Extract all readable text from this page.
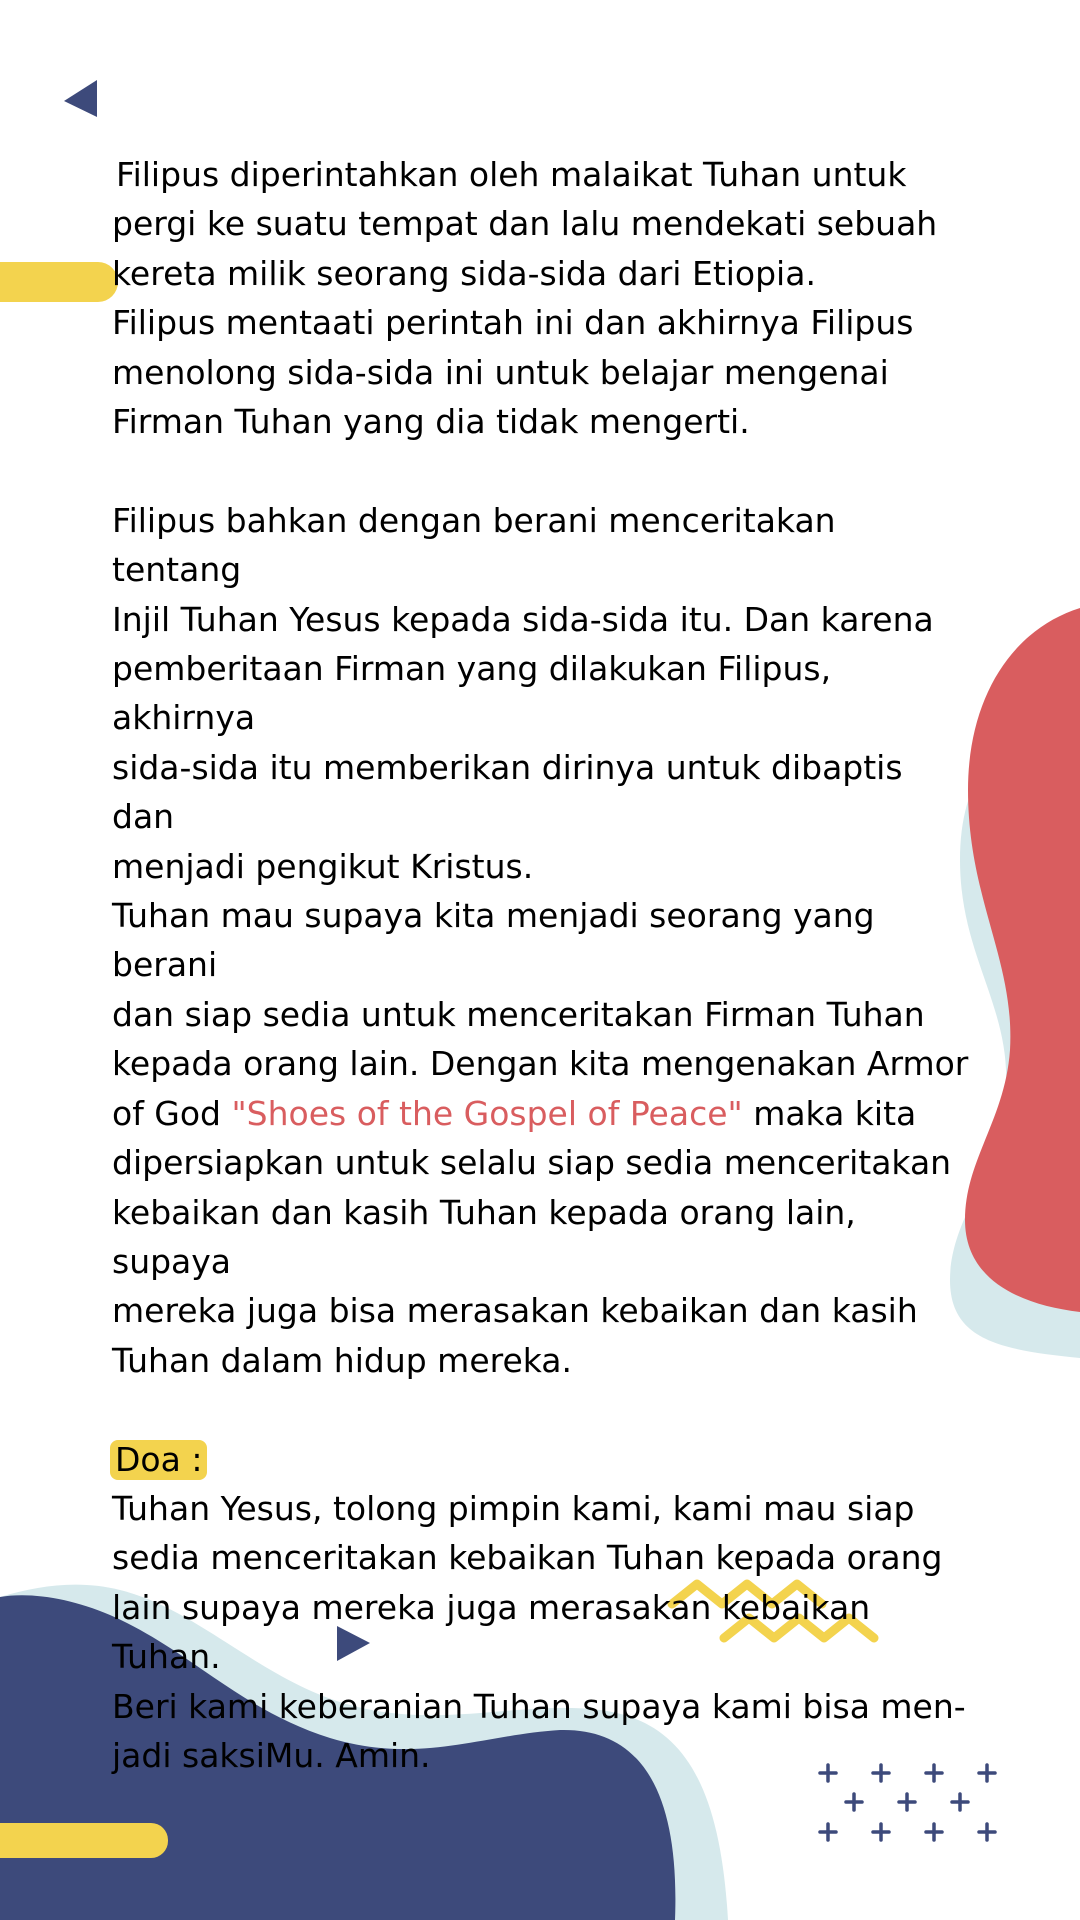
Filipus diperintahkan oleh malaikat Tuhan untuk
pergi ke suatu tempat dan lalu mendekati sebuah
kereta milik seorang sida-sida dari Etiopia.
Filipus mentaati perintah ini dan akhirnya Filipus
menolong sida-sida ini untuk belajar mengenai
Firman Tuhan yang dia tidak mengerti.

Filipus bahkan dengan berani menceritakan tentang
Injil Tuhan Yesus kepada sida-sida itu. Dan karena
pemberitaan Firman yang dilakukan Filipus, akhirnya
sida-sida itu memberikan dirinya untuk dibaptis dan
menjadi pengikut Kristus.

Tuhan mau supaya kita menjadi seorang yang berani
dan siap sedia untuk menceritakan Firman Tuhan
kepada orang lain. Dengan kita mengenakan Armor
of God "Shoes of the Gospel of Peace" maka kita
dipersiapkan untuk selalu siap sedia menceritakan
kebaikan dan kasih Tuhan kepada orang lain, supaya
mereka juga bisa merasakan kebaikan dan kasih
Tuhan dalam hidup mereka.

Doa :

Tuhan Yesus, tolong pimpin kami, kami mau siap
sedia menceritakan kebaikan Tuhan kepada orang
lain supaya mereka juga merasakan kebaikan Tuhan.
Beri kami keberanian Tuhan supaya kami bisa men-
jadi saksiMu. Amin.
